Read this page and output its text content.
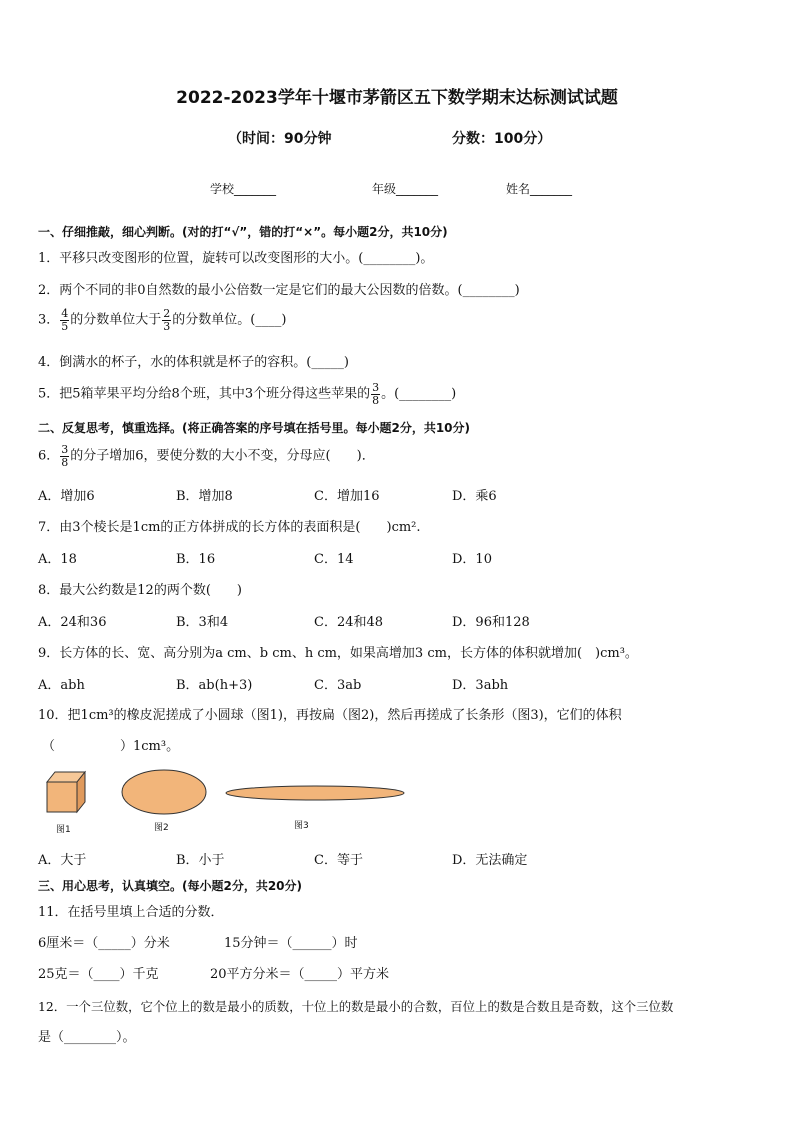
2022-2023学年十堰市茅箭区五下数学期末达标测试试题
（时间：90分钟	分数：100分）
学校_______	年级_______	姓名_______
一、仔细推敲，细心判断。(对的打“√”，错的打“×”。每小题2分，共10分)
1．平移只改变图形的位置，旋转可以改变图形的大小。(________)。
2．两个不同的非0自然数的最小公倍数一定是它们的最大公因数的倍数。(________)
3． $\frac{4}{5}$ 的分数单位大于 $\frac{2}{3}$ 的分数单位。(____)
4．倒满水的杯子，水的体积就是杯子的容积。(_____)
5．把5箱苹果平均分给8个班，其中3个班分得这些苹果的 $\frac{3}{8}$ 。(________)
二、反复思考，慎重选择。(将正确答案的序号填在括号里。每小题2分，共10分)
6． $\frac{3}{8}$ 的分子增加6，要使分数的大小不变，分母应(　　)．
A．增加6	B．增加8	C．增加16	D．乘6
7．由3个棱长是1cm的正方体拼成的长方体的表面积是(　　)cm².
A．18	B．16	C．14	D．10
8．最大公约数是12的两个数(　　)
A．24和36	B．3和4	C．24和48	D．96和128
9．长方体的长、宽、高分别为a cm、b cm、h cm，如果高增加3 cm，长方体的体积就增加(　)cm³。
A．abh	B．ab(h+3)	C．3ab	D．3abh
10．把1cm³的橡皮泥搓成了小圆球（图1)，再按扁（图2)，然后再搓成了长条形（图3)，它们的体积
（　　　　　）1cm³。
图1	图2	图3
A．大于	B．小于	C．等于	D．无法确定
三、用心思考，认真填空。(每小题2分，共20分)
11．在括号里填上合适的分数．
6厘米＝（_____）分米	15分钟＝（______）时
25克＝（____）千克	20平方分米＝（_____）平方米
12．一个三位数，它个位上的数是最小的质数，十位上的数是最小的合数，百位上的数是合数且是奇数，这个三位数
是（________）。
